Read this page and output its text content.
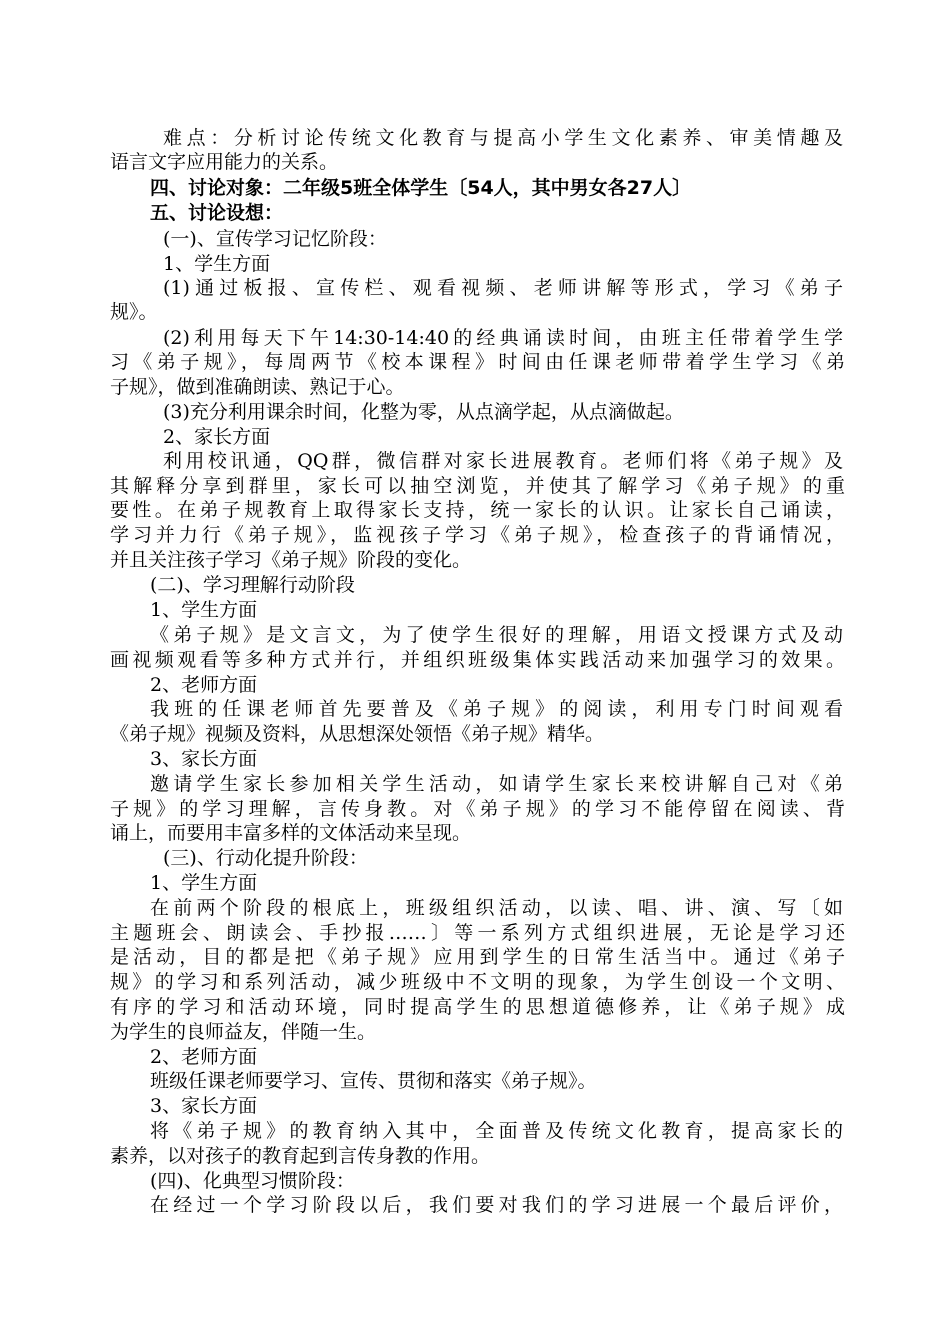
难点：分析讨论传统文化教育与提高小学生文化素养、审美情趣及
语言文字应用能力的关系。
四、讨论对象：二年级5班全体学生〔54人，其中男女各27人〕
五、讨论设想：
(一)、宣传学习记忆阶段：
1、学生方面
(1)通过板报、宣传栏、观看视频、老师讲解等形式，学习《弟子
规》。
(2)利用每天下午14:30-14:40的经典诵读时间，由班主任带着学生学
习《弟子规》，每周两节《校本课程》时间由任课老师带着学生学习《弟
子规》，做到准确朗读、熟记于心。
(3)充分利用课余时间，化整为零，从点滴学起，从点滴做起。
2、家长方面
利用校讯通，QQ群，微信群对家长进展教育。老师们将《弟子规》及
其解释分享到群里，家长可以抽空浏览，并使其了解学习《弟子规》的重
要性。在弟子规教育上取得家长支持，统一家长的认识。让家长自己诵读，
学习并力行《弟子规》，监视孩子学习《弟子规》，检查孩子的背诵情况，
并且关注孩子学习《弟子规》阶段的变化。
(二)、学习理解行动阶段
1、学生方面
《弟子规》是文言文，为了使学生很好的理解，用语文授课方式及动
画视频观看等多种方式并行，并组织班级集体实践活动来加强学习的效果。
2、老师方面
我班的任课老师首先要普及《弟子规》的阅读，利用专门时间观看
《弟子规》视频及资料，从思想深处领悟《弟子规》精华。
3、家长方面
邀请学生家长参加相关学生活动，如请学生家长来校讲解自己对《弟
子规》的学习理解，言传身教。对《弟子规》的学习不能停留在阅读、背
诵上，而要用丰富多样的文体活动来呈现。
(三)、行动化提升阶段：
1、学生方面
在前两个阶段的根底上，班级组织活动，以读、唱、讲、演、写〔如
主题班会、朗读会、手抄报……〕等一系列方式组织进展，无论是学习还
是活动，目的都是把《弟子规》应用到学生的日常生活当中。通过《弟子
规》的学习和系列活动，减少班级中不文明的现象，为学生创设一个文明、
有序的学习和活动环境，同时提高学生的思想道德修养，让《弟子规》成
为学生的良师益友，伴随一生。
2、老师方面
班级任课老师要学习、宣传、贯彻和落实《弟子规》。
3、家长方面
将《弟子规》的教育纳入其中，全面普及传统文化教育，提高家长的
素养，以对孩子的教育起到言传身教的作用。
(四)、化典型习惯阶段：
在经过一个学习阶段以后，我们要对我们的学习进展一个最后评价，
